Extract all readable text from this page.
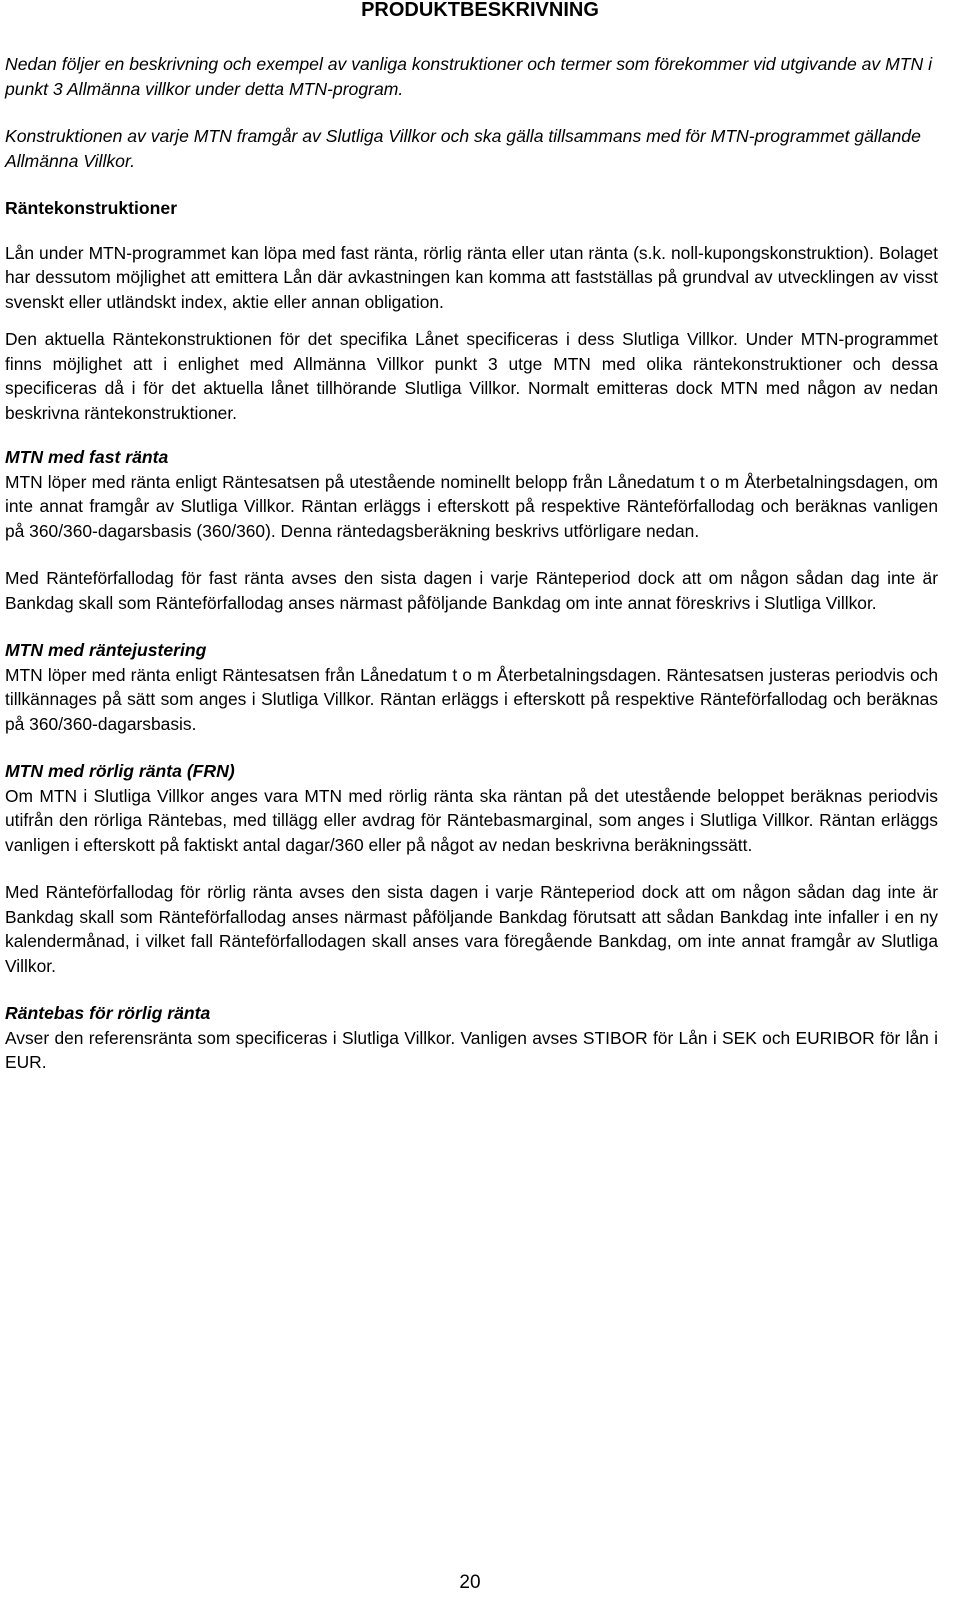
PRODUKTBESKRIVNING

Nedan följer en beskrivning och exempel av vanliga konstruktioner och termer som förekommer vid utgivande av MTN i punkt 3 Allmänna villkor under detta MTN-program.

Konstruktionen av varje MTN framgår av Slutliga Villkor och ska gälla tillsammans med för MTN-programmet gällande Allmänna Villkor.

Räntekonstruktioner

Lån under MTN-programmet kan löpa med fast ränta, rörlig ränta eller utan ränta (s.k. noll-kupongskonstruktion). Bolaget har dessutom möjlighet att emittera Lån där avkastningen kan komma att fastställas på grundval av utvecklingen av visst svenskt eller utländskt index, aktie eller annan obligation.

Den aktuella Räntekonstruktionen för det specifika Lånet specificeras i dess Slutliga Villkor. Under MTN-programmet finns möjlighet att i enlighet med Allmänna Villkor punkt 3 utge MTN med olika räntekonstruktioner och dessa specificeras då i för det aktuella lånet tillhörande Slutliga Villkor. Normalt emitteras dock MTN med någon av nedan beskrivna räntekonstruktioner.

MTN med fast ränta

MTN löper med ränta enligt Räntesatsen på utestående nominellt belopp från Lånedatum t o m Återbetalningsdagen, om inte annat framgår av Slutliga Villkor. Räntan erläggs i efterskott på respektive Ränteförfallodag och beräknas vanligen på 360/360-dagarsbasis (360/360). Denna räntedagsberäkning beskrivs utförligare nedan.

Med Ränteförfallodag för fast ränta avses den sista dagen i varje Ränteperiod dock att om någon sådan dag inte är Bankdag skall som Ränteförfallodag anses närmast påföljande Bankdag om inte annat föreskrivs i Slutliga Villkor.

MTN med räntejustering

MTN löper med ränta enligt Räntesatsen från Lånedatum t o m Återbetalningsdagen. Räntesatsen justeras periodvis och tillkännages på sätt som anges i Slutliga Villkor. Räntan erläggs i efterskott på respektive Ränteförfallodag och beräknas på 360/360-dagarsbasis.

MTN med rörlig ränta (FRN)

Om MTN i Slutliga Villkor anges vara MTN med rörlig ränta ska räntan på det utestående beloppet beräknas periodvis utifrån den rörliga Räntebas, med tillägg eller avdrag för Räntebasmarginal, som anges i Slutliga Villkor. Räntan erläggs vanligen i efterskott på faktiskt antal dagar/360 eller på något av nedan beskrivna beräkningssätt.

Med Ränteförfallodag för rörlig ränta avses den sista dagen i varje Ränteperiod dock att om någon sådan dag inte är Bankdag skall som Ränteförfallodag anses närmast påföljande Bankdag förutsatt att sådan Bankdag inte infaller i en ny kalendermånad, i vilket fall Ränteförfallodagen skall anses vara föregående Bankdag, om inte annat framgår av Slutliga Villkor.

Räntebas för rörlig ränta

Avser den referensränta som specificeras i Slutliga Villkor. Vanligen avses STIBOR för Lån i SEK och EURIBOR för lån i EUR.

20
